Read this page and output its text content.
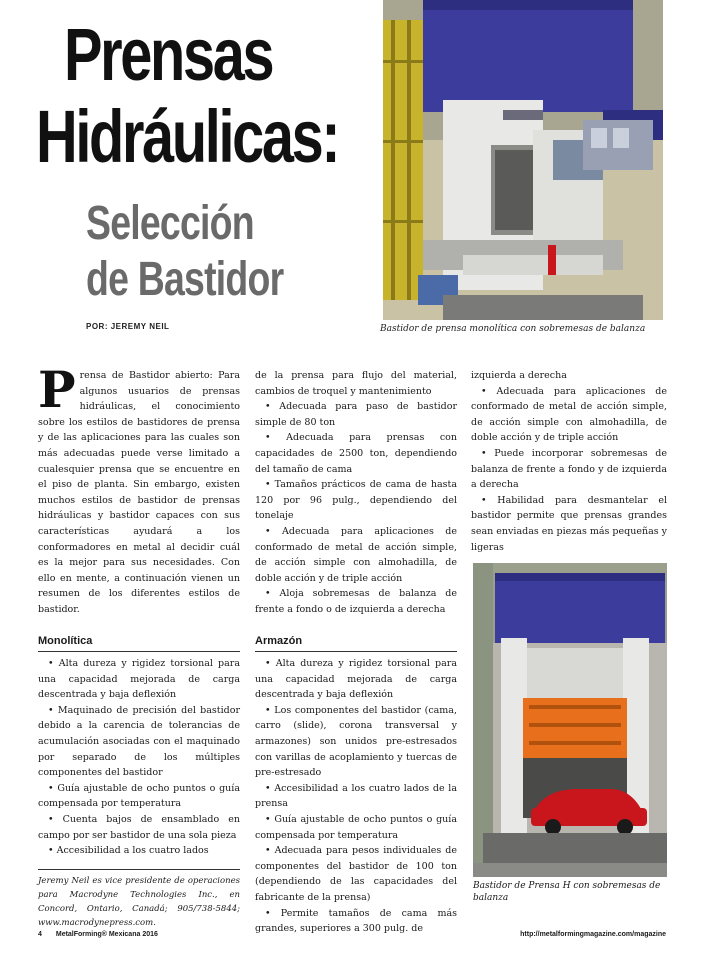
Prensas
Hidráulicas:
Selección
de Bastidor
POR: JEREMY NEIL	Bastidor de prensa monolítica con sobremesas de balanza

Prensa de Bastidor abierto: Para algunos usuarios de prensas hidráulicas, el conocimiento sobre los estilos de bastidores de prensa y de las aplicaciones para las cuales son más adecuadas puede verse limitado a cualesquier prensa que se encuentre en el piso de planta. Sin embargo, existen muchos estilos de bastidor de prensas hidráulicas y bastidor capaces con sus características ayudará a los conformadores en metal al decidir cuál es la mejor para sus necesidades. Con ello en mente, a continuación vienen un resumen de los diferentes estilos de bastidor.

Monolítica

• Alta dureza y rigidez torsional para una capacidad mejorada de carga descentrada y baja deflexión

• Maquinado de precisión del bastidor debido a la carencia de tolerancias de acumulación asociadas con el maquinado por separado de los múltiples componentes del bastidor

• Guía ajustable de ocho puntos o guía compensada por temperatura

• Cuenta bajos de ensamblado en campo por ser bastidor de una sola pieza

• Accesibilidad a los cuatro lados

Jeremy Neil es vice presidente de operaciones para Macrodyne Technologies Inc., en Concord, Ontario, Canadá; 905/738-5844; www.macrodynepress.com.

de la prensa para flujo del material, cambios de troquel y mantenimiento

• Adecuada para paso de bastidor simple de 80 ton

• Adecuada para prensas con capacidades de 2500 ton, dependiendo del tamaño de cama

• Tamaños prácticos de cama de hasta 120 por 96 pulg., dependiendo del tonelaje

• Adecuada para aplicaciones de conformado de metal de acción simple, de acción simple con almohadilla, de doble acción y de triple acción

• Aloja sobremesas de balanza de frente a fondo o de izquierda a derecha

Armazón

• Alta dureza y rigidez torsional para una capacidad mejorada de carga descentrada y baja deflexión

• Los componentes del bastidor (cama, carro (slide), corona transversal y armazones) son unidos pre-estresados con varillas de acoplamiento y tuercas de pre-estresado

• Accesibilidad a los cuatro lados de la prensa

• Guía ajustable de ocho puntos o guía compensada por temperatura

• Adecuada para pesos individuales de componentes del bastidor de 100 ton (dependiendo de las capacidades del fabricante de la prensa)

• Permite tamaños de cama más grandes, superiores a 300 pulg. de

izquierda a derecha

• Adecuada para aplicaciones de conformado de metal de acción simple, de acción simple con almohadilla, de doble acción y de triple acción

• Puede incorporar sobremesas de balanza de frente a fondo y de izquierda a derecha

• Habilidad para desmantelar el bastidor permite que prensas grandes sean enviadas en piezas más pequeñas y ligeras

Bastidor de Prensa H con sobremesas de balanza
4 MetalForming® Mexicana 2016	http://metalformingmagazine.com/magazine
